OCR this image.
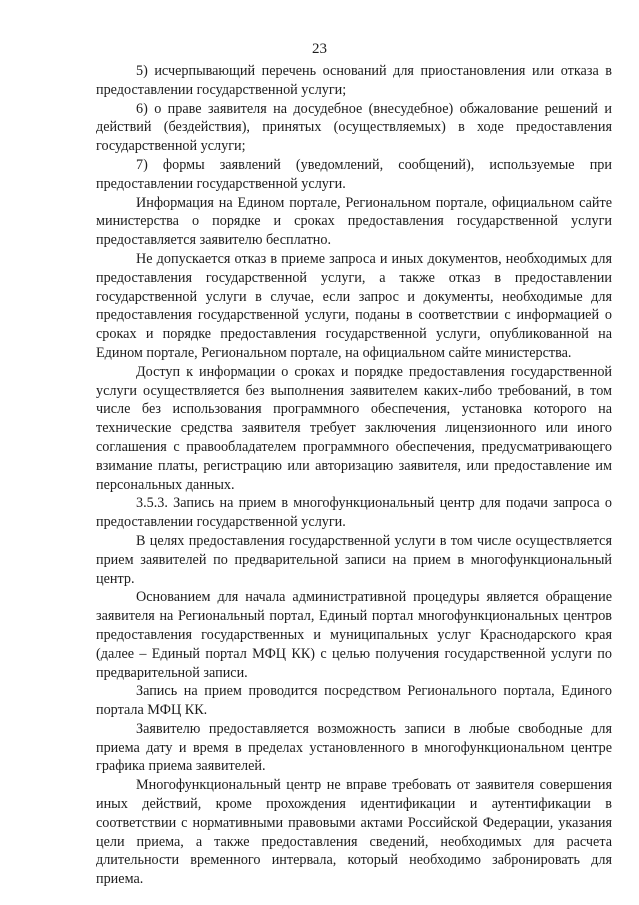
23

5) исчерпывающий перечень оснований для приостановления или отказа в предоставлении государственной услуги;

6) о праве заявителя на досудебное (внесудебное) обжалование решений и действий (бездействия), принятых (осуществляемых) в ходе предоставления государственной услуги;

7) формы заявлений (уведомлений, сообщений), используемые при предоставлении государственной услуги.

Информация на Едином портале, Региональном портале, официальном сайте министерства о порядке и сроках предоставления государственной услуги предоставляется заявителю бесплатно.

Не допускается отказ в приеме запроса и иных документов, необходимых для предоставления государственной услуги, а также отказ в предоставлении государственной услуги в случае, если запрос и документы, необходимые для предоставления государственной услуги, поданы в соответствии с информацией о сроках и порядке предоставления государственной услуги, опубликованной на Едином портале, Региональном портале, на официальном сайте министерства.

Доступ к информации о сроках и порядке предоставления государственной услуги осуществляется без выполнения заявителем каких-либо требований, в том числе без использования программного обеспечения, установка которого на технические средства заявителя требует заключения лицензионного или иного соглашения с правообладателем программного обеспечения, предусматривающего взимание платы, регистрацию или авторизацию заявителя, или предоставление им персональных данных.

3.5.3. Запись на прием в многофункциональный центр для подачи запроса о предоставлении государственной услуги.

В целях предоставления государственной услуги в том числе осуществляется прием заявителей по предварительной записи на прием в многофункциональный центр.

Основанием для начала административной процедуры является обращение заявителя на Региональный портал, Единый портал многофункциональных центров предоставления государственных и муниципальных услуг Краснодарского края (далее – Единый портал МФЦ КК) с целью получения государственной услуги по предварительной записи.

Запись на прием проводится посредством Регионального портала, Единого портала МФЦ КК.

Заявителю предоставляется возможность записи в любые свободные для приема дату и время в пределах установленного в многофункциональном центре графика приема заявителей.

Многофункциональный центр не вправе требовать от заявителя совершения иных действий, кроме прохождения идентификации и аутентификации в соответствии с нормативными правовыми актами Российской Федерации, указания цели приема, а также предоставления сведений, необходимых для расчета длительности временного интервала, который необходимо забронировать для приема.
